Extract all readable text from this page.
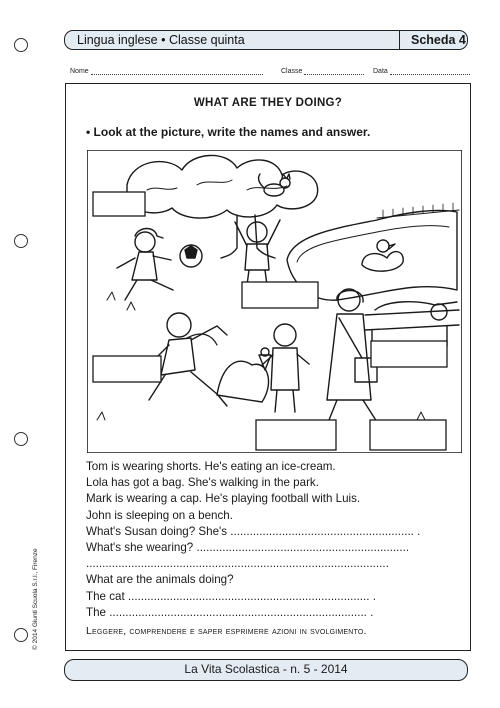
Lingua inglese • Classe quinta	Scheda 4
Nome	Classe	Data
WHAT ARE THEY DOING?
• Look at the picture, write the names and answer.
Tom is wearing shorts. He's eating an ice-cream.
Lola has got a bag. She's walking in the park.
Mark is wearing a cap. He's playing football with Luis.
John is sleeping on a bench.
What's Susan doing? She's ......................................................... .
What's she wearing? ..................................................................
..............................................................................................
What are the animals doing?
The cat ........................................................................... .
The ................................................................................ .
Leggere, comprendere e saper esprimere azioni in svolgimento.
© 2014 Giunti Scuola S.r.l., Firenze
La Vita Scolastica - n. 5 - 2014
